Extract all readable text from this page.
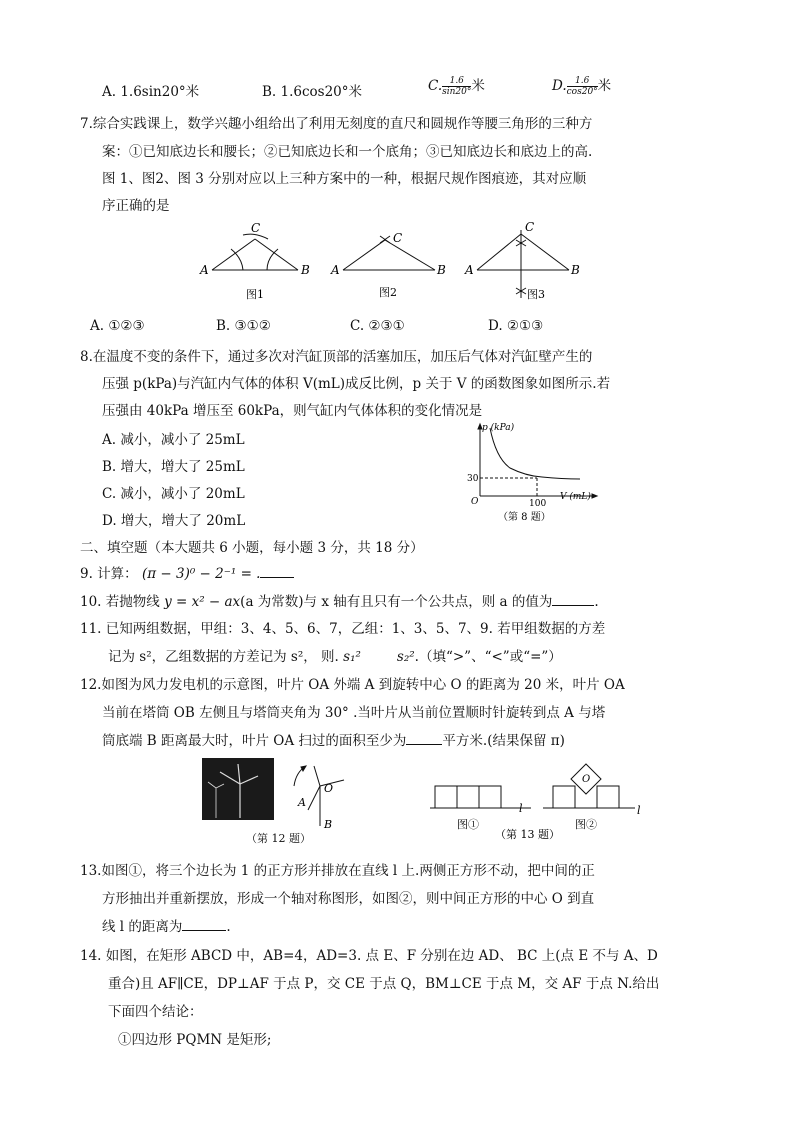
A. 1.6sin20°米	B. 1.6cos20°米	C. $\frac{1.6}{\sin 20^\circ}$ 米	D. $\frac{1.6}{\cos 20^\circ}$ 米
7.综合实践课上，数学兴趣小组给出了利用无刻度的直尺和圆规作等腰三角形的三种方
案：①已知底边长和腰长；②已知底边长和一个底角；③已知底边长和底边上的高.
图 1、图2、图 3 分别对应以上三种方案中的一种，根据尺规作图痕迹，其对应顺
序正确的是
A	B
C
图1
A	B
C
图2
A	B
C
图3
A. ①②③	B. ③①②	C. ②③①	D. ②①③
8.在温度不变的条件下，通过多次对汽缸顶部的活塞加压，加压后气体对汽缸壁产生的
压强 p(kPa)与汽缸内气体的体积 V(mL)成反比例，p 关于 V 的函数图象如图所示.若
压强由 40kPa 增压至 60kPa，则气缸内气体体积的变化情况是
A. 减小，减小了 25mL
B. 增大，增大了 25mL
C. 减小，减小了 20mL
D. 增大，增大了 20mL
p (kPa)
V (mL)
30
100
O
（第 8 题）
二、填空题（本大题共 6 小题，每小题 3 分，共 18 分）
9. 计算： (π − 3)⁰ − 2⁻¹ = .
10. 若抛物线 y = x² − ax(a 为常数)与 x 轴有且只有一个公共点，则 a 的值为	.
11. 已知两组数据，甲组：3、4、5、6、7，乙组：1、3、5、7、9. 若甲组数据的方差
记为 s²，乙组数据的方差记为 s²， 则. s₁²	s₂².（填“>”、“<”或“=”）
12.如图为风力发电机的示意图，叶片 OA 外端 A 到旋转中心 O 的距离为 20 米，叶片 OA
当前在塔筒 OB 左侧且与塔筒夹角为 30° .当叶片从当前位置顺时针旋转到点 A 与塔
筒底端 B 距离最大时，叶片 OA 扫过的面积至少为	平方米.(结果保留 π)
O
A
B
（第 12 题）
l	l
O
图①
（第 13 题）
图②
13.如图①，将三个边长为 1 的正方形并排放在直线 l 上.两侧正方形不动，把中间的正
方形抽出并重新摆放，形成一个轴对称图形，如图②，则中间正方形的中心 O 到直
线 l 的距离为	.
14. 如图，在矩形 ABCD 中，AB=4，AD=3. 点 E、F 分别在边 AD、 BC 上(点 E 不与 A、D
重合)且 AF∥CE，DP⊥AF 于点 P，交 CE 于点 Q，BM⊥CE 于点 M，交 AF 于点 N.给出
下面四个结论：
①四边形 PQMN 是矩形;
